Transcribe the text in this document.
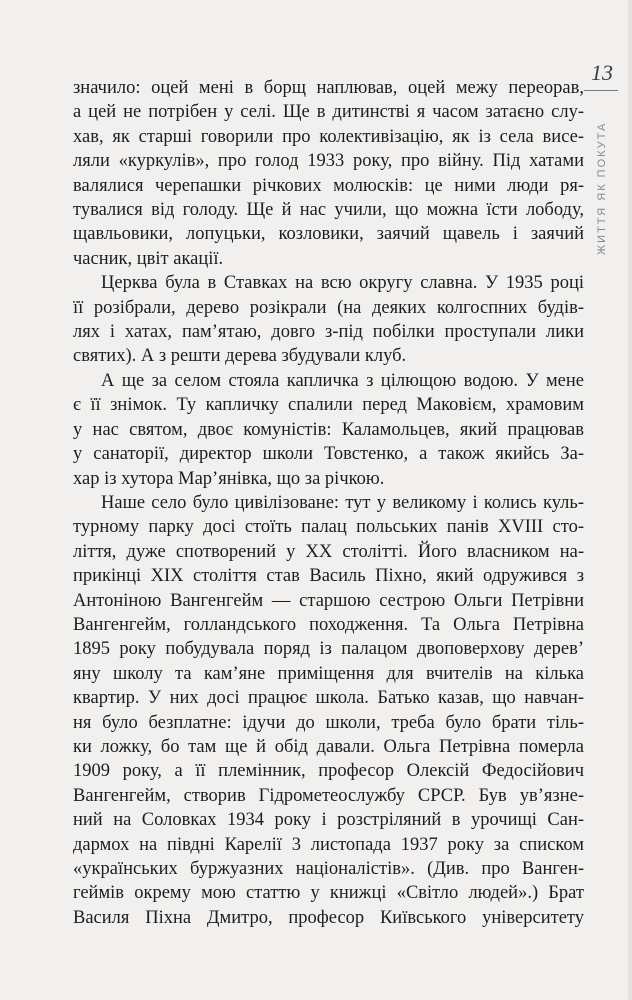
13
ЖИТТЯ ЯК ПОКУТА
значило: оцей мені в борщ наплював, оцей межу переорав,
а цей не потрібен у селі. Ще в дитинстві я часом затаєно слу-
хав, як старші говорили про колективізацію, як із села висе-
ляли «куркулів», про голод 1933 року, про війну. Під хатами
валялися черепашки річкових молюсків: це ними люди ря-
тувалися від голоду. Ще й нас учили, що можна їсти лободу,
щавльовики, лопуцьки, козловики, заячий щавель і заячий
часник, цвіт акації.
Церква була в Ставках на всю округу славна. У 1935 році
її розібрали, дерево розікрали (на деяких колгоспних будів-
лях і хатах, пам’ятаю, довго з-під побілки проступали лики
святих). А з решти дерева збудували клуб.
А ще за селом стояла капличка з цілющою водою. У мене
є її знімок. Ту капличку спалили перед Маковієм, храмовим
у нас святом, двоє комуністів: Каламольцев, який працював
у санаторії, директор школи Товстенко, а також якийсь За-
хар із хутора Мар’янівка, що за річкою.
Наше село було цивілізоване: тут у великому і колись куль-
турному парку досі стоїть палац польських панів XVIII сто-
ліття, дуже спотворений у XX столітті. Його власником на-
прикінці XIX століття став Василь Піхно, який одружився з
Антоніною Вангенгейм — старшою сестрою Ольги Петрівни
Вангенгейм, голландського походження. Та Ольга Петрівна
1895 року побудувала поряд із палацом двоповерхову дерев’
яну школу та кам’яне приміщення для вчителів на кілька
квартир. У них досі працює школа. Батько казав, що навчан-
ня було безплатне: ідучи до школи, треба було брати тіль-
ки ложку, бо там ще й обід давали. Ольга Петрівна померла
1909 року, а її племінник, професор Олексій Федосійович
Вангенгейм, створив Гідрометеослужбу СРСР. Був ув’язне-
ний на Соловках 1934 року і розстріляний в урочищі Сан-
дармох на півдні Карелії 3 листопада 1937 року за списком
«українських буржуазних націоналістів». (Див. про Ванген-
геймів окрему мою статтю у книжці «Світло людей».) Брат
Василя Піхна Дмитро, професор Київського університету
